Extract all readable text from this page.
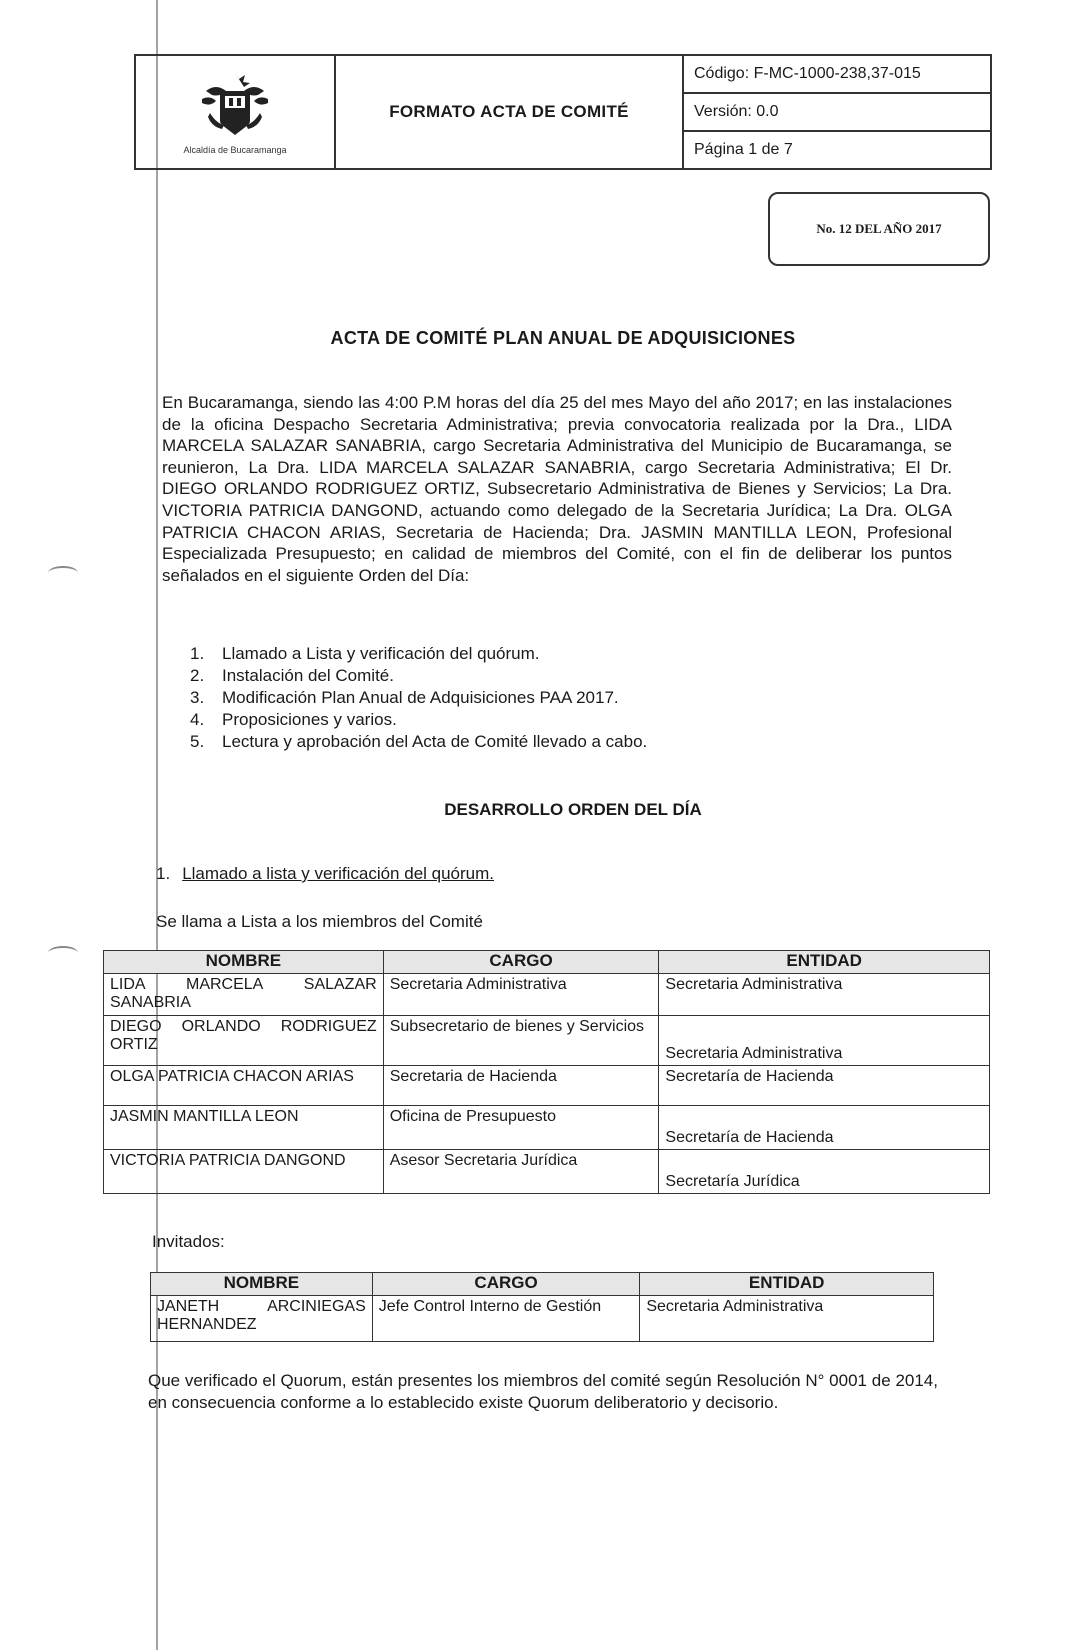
Alcaldía de Bucaramanga
FORMATO ACTA DE COMITÉ
Código: F-MC-1000-238,37-015
Versión: 0.0
Página 1 de 7
No. 12 DEL AÑO 2017
ACTA DE COMITÉ PLAN ANUAL DE ADQUISICIONES
En Bucaramanga, siendo las 4:00 P.M horas del día 25 del mes Mayo del año 2017; en las instalaciones de la oficina Despacho Secretaria Administrativa; previa convocatoria realizada por la Dra., LIDA MARCELA SALAZAR SANABRIA, cargo Secretaria Administrativa del Municipio de Bucaramanga, se reunieron, La Dra. LIDA MARCELA SALAZAR SANABRIA, cargo Secretaria Administrativa; El Dr. DIEGO ORLANDO RODRIGUEZ ORTIZ, Subsecretario Administrativa de Bienes y Servicios; La Dra. VICTORIA PATRICIA DANGOND, actuando como delegado de la Secretaria Jurídica; La Dra. OLGA PATRICIA CHACON ARIAS, Secretaria de Hacienda; Dra. JASMIN MANTILLA LEON, Profesional Especializada Presupuesto; en calidad de miembros del Comité, con el fin de deliberar los puntos señalados en el siguiente Orden del Día:
1.	Llamado a Lista y verificación del quórum.
2.	Instalación del Comité.
3.	Modificación Plan Anual de Adquisiciones PAA 2017.
4.	Proposiciones y varios.
5.	Lectura y aprobación del Acta de Comité llevado a cabo.
DESARROLLO ORDEN DEL DÍA
1. Llamado a lista y verificación del quórum.
Se llama a Lista a los miembros del Comité
NOMBRE	CARGO	ENTIDAD
LIDA MARCELA SALAZAR SANABRIA	Secretaria Administrativa	Secretaria Administrativa
DIEGO ORLANDO RODRIGUEZ ORTIZ	Subsecretario de bienes y Servicios	Secretaria Administrativa
OLGA PATRICIA CHACON ARIAS	Secretaria de Hacienda	Secretaría de Hacienda
JASMIN MANTILLA LEON	Oficina de Presupuesto	Secretaría de Hacienda
VICTORIA PATRICIA DANGOND	Asesor Secretaria Jurídica	Secretaría Jurídica
Invitados:
NOMBRE	CARGO	ENTIDAD
JANETH ARCINIEGAS HERNANDEZ	Jefe Control Interno de Gestión	Secretaria Administrativa
Que verificado el Quorum, están presentes los miembros del comité según Resolución N° 0001 de 2014, en consecuencia conforme a lo establecido existe Quorum deliberatorio y decisorio.
